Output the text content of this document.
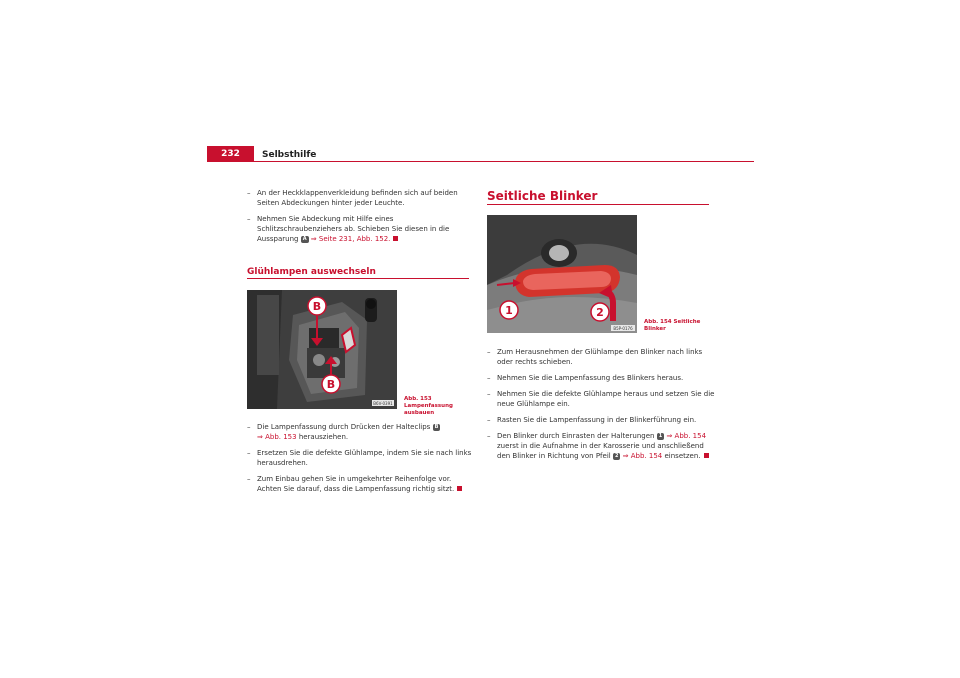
232	Selbsthilfe
– An der Heckklappenverkleidung befinden sich auf beiden Seiten Abdeckungen hinter jeder Leuchte.
– Nehmen Sie Abdeckung mit Hilfe eines Schlitzschraubenziehers ab. Schieben Sie diesen in die Aussparung A ⇒ Seite 231, Abb. 152.
Glühlampen auswechseln
B
B
B6V-0391
Abb. 153 Lampenfassung ausbauen
– Die Lampenfassung durch Drücken der Halteclips B
⇒ Abb. 153 herausziehen.
– Ersetzen Sie die defekte Glühlampe, indem Sie sie nach links herausdrehen.
– Zum Einbau gehen Sie in umgekehrter Reihenfolge vor. Achten Sie darauf, dass die Lampenfassung richtig sitzt.
Seitliche Blinker
1	2
B5P-0176
Abb. 154 Seitliche Blinker
– Zum Herausnehmen der Glühlampe den Blinker nach links oder rechts schieben.
– Nehmen Sie die Lampenfassung des Blinkers heraus.
– Nehmen Sie die defekte Glühlampe heraus und setzen Sie die neue Glühlampe ein.
– Rasten Sie die Lampenfassung in der Blinkerführung ein.
– Den Blinker durch Einrasten der Halterungen 1 ⇒ Abb. 154 zuerst in die Aufnahme in der Karosserie und anschließend den Blinker in Richtung von Pfeil 2 ⇒ Abb. 154 einsetzen.
